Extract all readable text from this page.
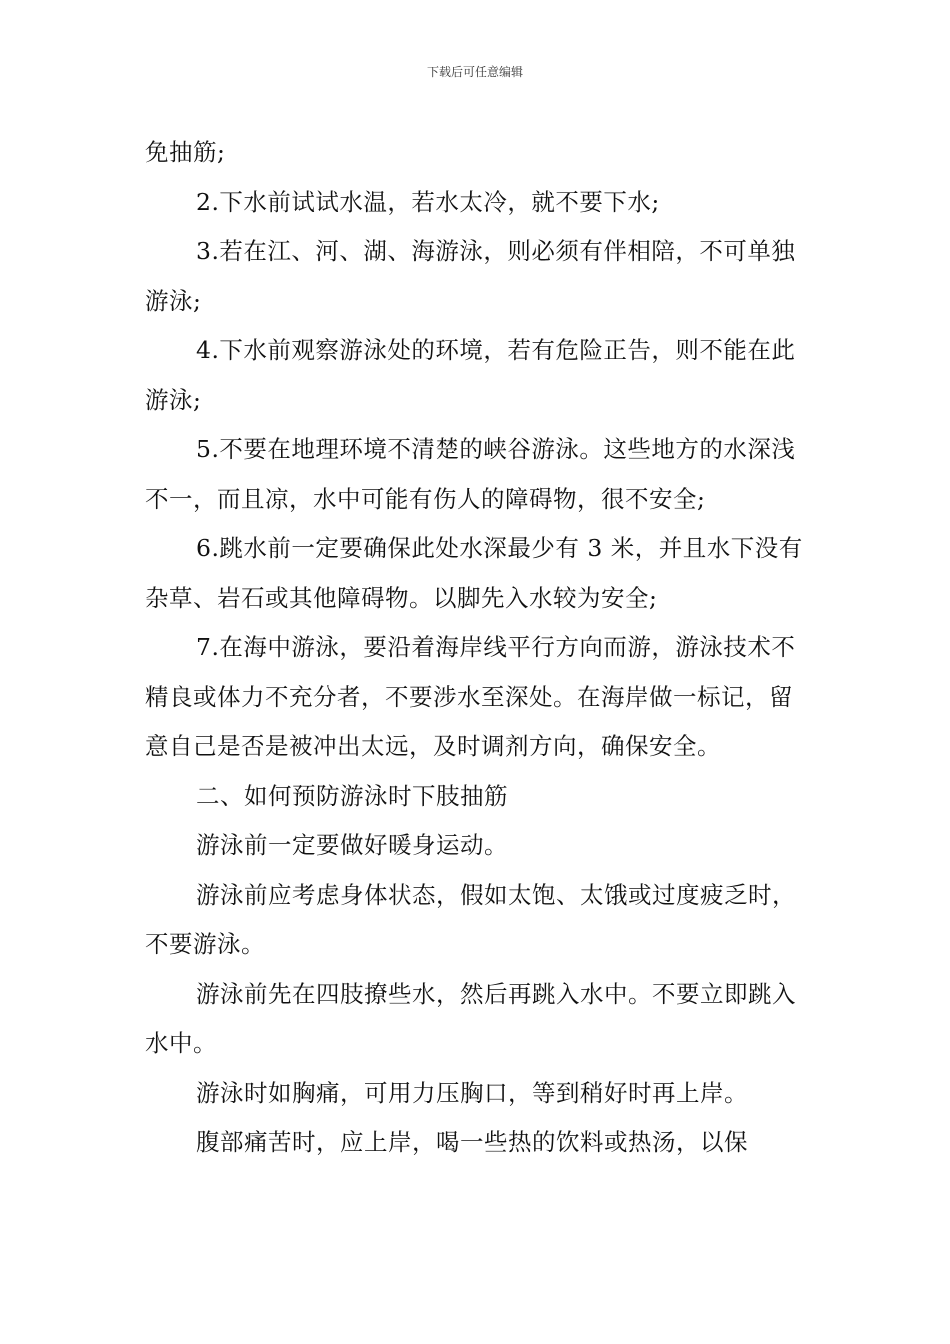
下载后可任意编辑

免抽筋;

2.下水前试试水温，若水太冷，就不要下水;

3.若在江、河、湖、海游泳，则必须有伴相陪，不可单独游泳;

4.下水前观察游泳处的环境，若有危险正告，则不能在此游泳;

5.不要在地理环境不清楚的峡谷游泳。这些地方的水深浅不一，而且凉，水中可能有伤人的障碍物，很不安全;

6.跳水前一定要确保此处水深最少有 3 米，并且水下没有杂草、岩石或其他障碍物。以脚先入水较为安全;

7.在海中游泳，要沿着海岸线平行方向而游，游泳技术不精良或体力不充分者，不要涉水至深处。在海岸做一标记，留意自己是否是被冲出太远，及时调剂方向，确保安全。

二、如何预防游泳时下肢抽筋

游泳前一定要做好暖身运动。

游泳前应考虑身体状态，假如太饱、太饿或过度疲乏时，不要游泳。

游泳前先在四肢撩些水，然后再跳入水中。不要立即跳入水中。

游泳时如胸痛，可用力压胸口，等到稍好时再上岸。

腹部痛苦时，应上岸，喝一些热的饮料或热汤，以保
